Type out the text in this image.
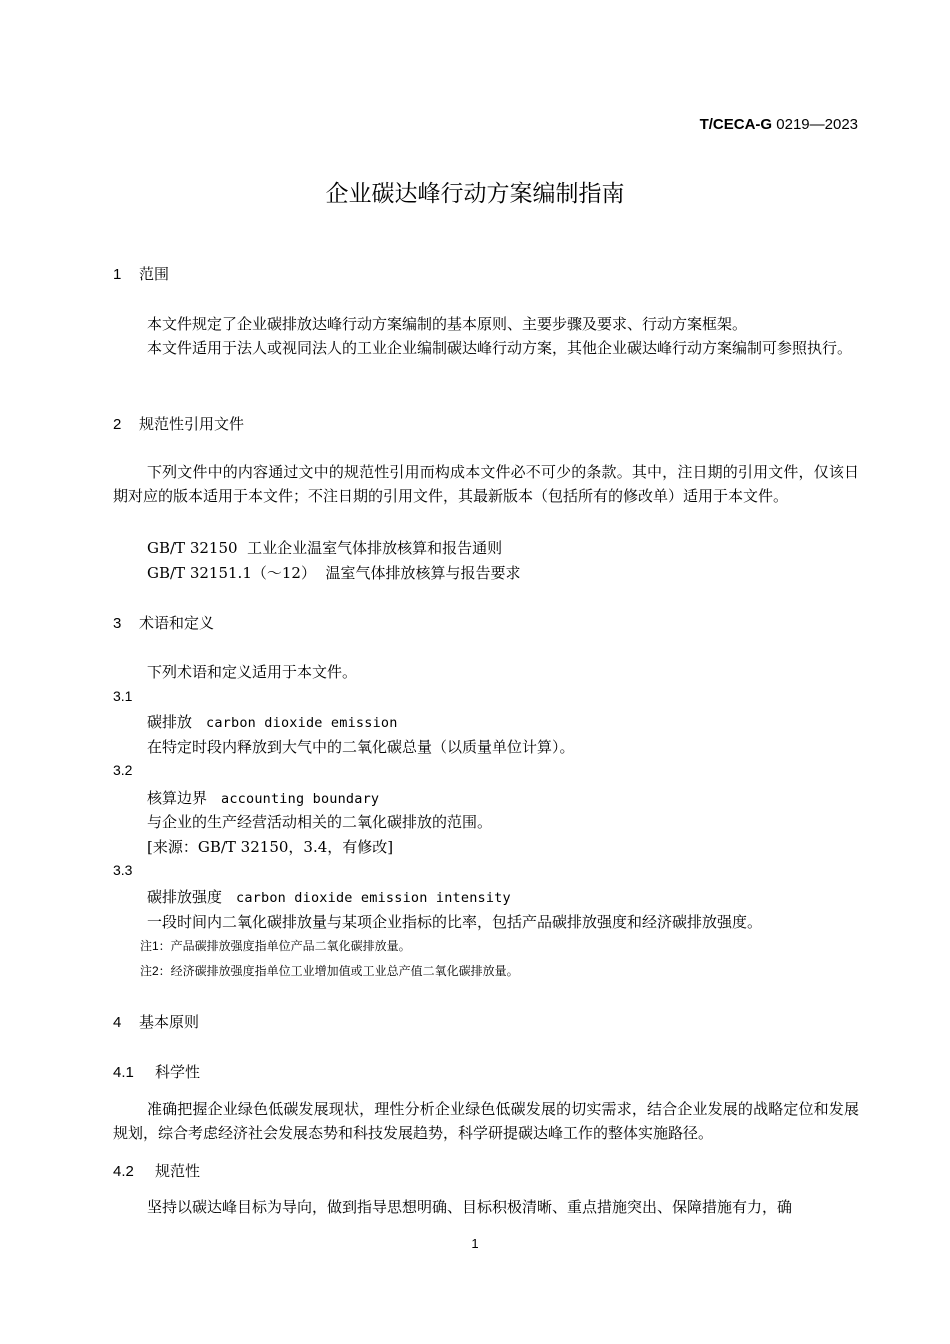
T/CECA-G 0219—2023
企业碳达峰行动方案编制指南
1 范围
本文件规定了企业碳排放达峰行动方案编制的基本原则、主要步骤及要求、行动方案框架。
本文件适用于法人或视同法人的工业企业编制碳达峰行动方案，其他企业碳达峰行动方案编制可参照执行。
2 规范性引用文件
下列文件中的内容通过文中的规范性引用而构成本文件必不可少的条款。其中，注日期的引用文件，仅该日期对应的版本适用于本文件；不注日期的引用文件，其最新版本（包括所有的修改单）适用于本文件。
GB/T 32150  工业企业温室气体排放核算和报告通则
GB/T 32151.1（～12）  温室气体排放核算与报告要求
3 术语和定义
下列术语和定义适用于本文件。
3.1
碳排放 carbon dioxide emission
在特定时段内释放到大气中的二氧化碳总量（以质量单位计算）。
3.2
核算边界 accounting boundary
与企业的生产经营活动相关的二氧化碳排放的范围。
[来源：GB/T 32150，3.4，有修改]
3.3
碳排放强度 carbon dioxide emission intensity
一段时间内二氧化碳排放量与某项企业指标的比率，包括产品碳排放强度和经济碳排放强度。
注1：产品碳排放强度指单位产品二氧化碳排放量。
注2：经济碳排放强度指单位工业增加值或工业总产值二氧化碳排放量。
4 基本原则
4.1 科学性
准确把握企业绿色低碳发展现状，理性分析企业绿色低碳发展的切实需求，结合企业发展的战略定位和发展规划，综合考虑经济社会发展态势和科技发展趋势，科学研提碳达峰工作的整体实施路径。
4.2 规范性
坚持以碳达峰目标为导向，做到指导思想明确、目标积极清晰、重点措施突出、保障措施有力，确
1
